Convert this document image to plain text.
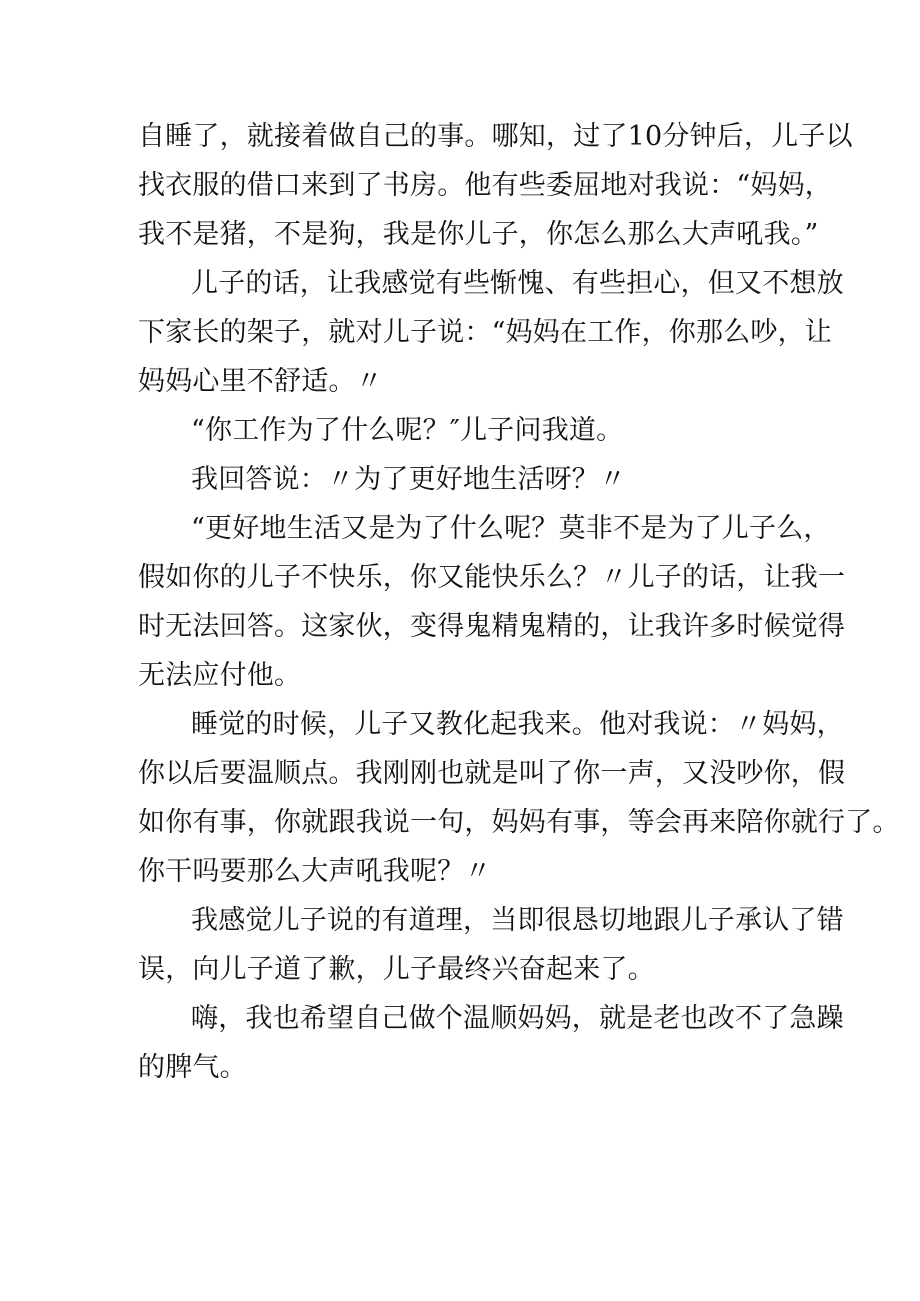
自睡了，就接着做自己的事。哪知，过了10分钟后，儿子以
找衣服的借口来到了书房。他有些委屈地对我说：“妈妈，
我不是猪，不是狗，我是你儿子，你怎么那么大声吼我。”
儿子的话，让我感觉有些惭愧、有些担心，但又不想放
下家长的架子，就对儿子说：“妈妈在工作，你那么吵，让
妈妈心里不舒适。〃
“你工作为了什么呢？″儿子问我道。
我回答说：〃为了更好地生活呀？〃
“更好地生活又是为了什么呢？莫非不是为了儿子么，
假如你的儿子不快乐，你又能快乐么？〃儿子的话，让我一
时无法回答。这家伙，变得鬼精鬼精的，让我许多时候觉得
无法应付他。
睡觉的时候，儿子又教化起我来。他对我说：〃妈妈，
你以后要温顺点。我刚刚也就是叫了你一声，又没吵你，假
如你有事，你就跟我说一句，妈妈有事，等会再来陪你就行了。
你干吗要那么大声吼我呢？〃
我感觉儿子说的有道理，当即很恳切地跟儿子承认了错
误，向儿子道了歉，儿子最终兴奋起来了。
嗨，我也希望自己做个温顺妈妈，就是老也改不了急躁
的脾气。
